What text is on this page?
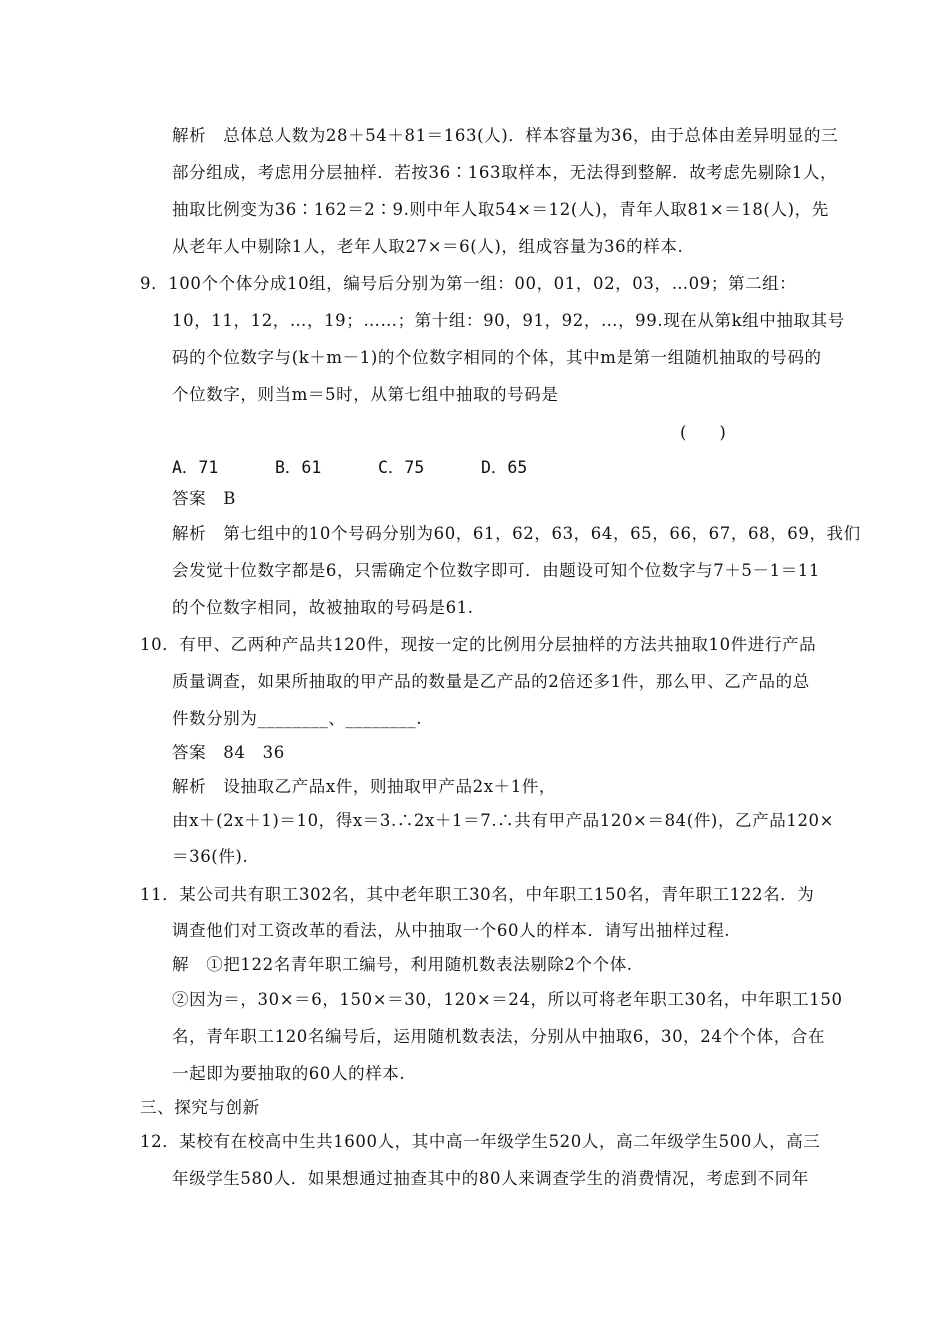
解析　总体总人数为28＋54＋81＝163(人)．样本容量为36，由于总体由差异明显的三
部分组成，考虑用分层抽样．若按36∶163取样本，无法得到整解．故考虑先剔除1人，
抽取比例变为36∶162＝2∶9.则中年人取54×＝12(人)，青年人取81×＝18(人)，先
从老年人中剔除1人，老年人取27×＝6(人)，组成容量为36的样本.
9．100个个体分成10组，编号后分别为第一组：00，01，02，03，…09；第二组：
10，11，12，…，19；……；第十组：90，91，92，…，99.现在从第k组中抽取其号
码的个位数字与(k＋m－1)的个位数字相同的个体，其中m是第一组随机抽取的号码的
个位数字，则当m＝5时，从第七组中抽取的号码是
(　　)
A．71	B．61	C．75	D．65
答案　B
解析　第七组中的10个号码分别为60，61，62，63，64，65，66，67，68，69，我们
会发觉十位数字都是6，只需确定个位数字即可．由题设可知个位数字与7＋5－1＝11
的个位数字相同，故被抽取的号码是61.
10．有甲、乙两种产品共120件，现按一定的比例用分层抽样的方法共抽取10件进行产品
质量调查，如果所抽取的甲产品的数量是乙产品的2倍还多1件，那么甲、乙产品的总
件数分别为________、________.
答案　84　36
解析　设抽取乙产品x件，则抽取甲产品2x＋1件，
由x＋(2x＋1)＝10，得x＝3.∴2x＋1＝7.∴共有甲产品120×＝84(件)，乙产品120×
＝36(件).
11．某公司共有职工302名，其中老年职工30名，中年职工150名，青年职工122名．为
调查他们对工资改革的看法，从中抽取一个60人的样本．请写出抽样过程.
解　①把122名青年职工编号，利用随机数表法剔除2个个体.
②因为＝，30×＝6，150×＝30，120×＝24，所以可将老年职工30名，中年职工150
名，青年职工120名编号后，运用随机数表法，分别从中抽取6，30，24个个体，合在
一起即为要抽取的60人的样本.
三、探究与创新
12．某校有在校高中生共1600人，其中高一年级学生520人，高二年级学生500人，高三
年级学生580人．如果想通过抽查其中的80人来调查学生的消费情况，考虑到不同年
